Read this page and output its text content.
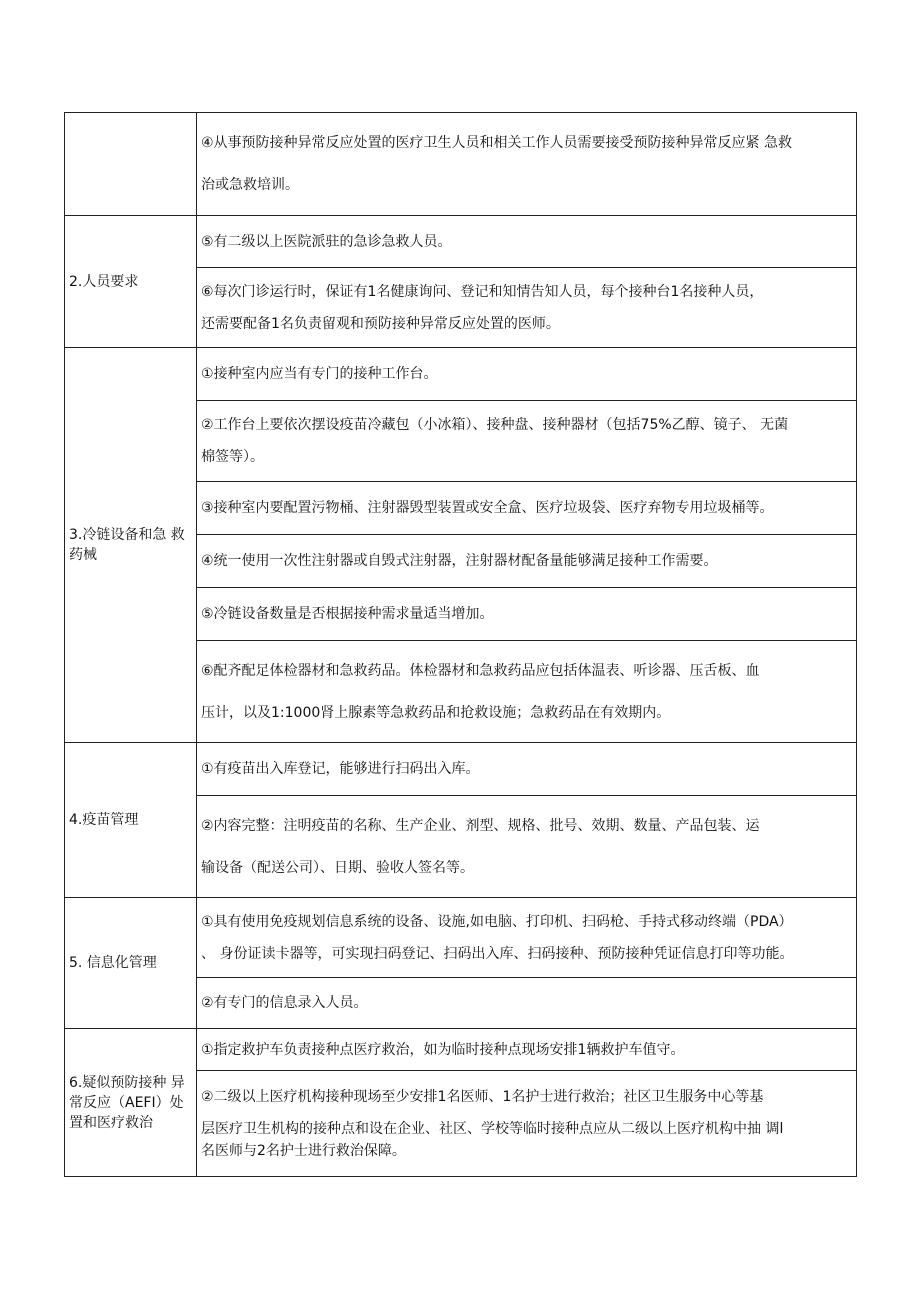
	④从事预防接种异常反应处置的医疗卫生人员和相关工作人员需要接受预防接种异常反应紧 急救

治或急救培训。

2.人员要求	⑤有二级以上医院派驻的急诊急救人员。

	⑥每次门诊运行时，保证有1名健康询问、登记和知情告知人员，每个接种台1名接种人员，

还需要配备1名负责留观和预防接种异常反应处置的医师。

3.冷链设备和急 救药械	①接种室内应当有专门的接种工作台。

	②工作台上要依次摆设疫苗冷藏包（小冰箱）、接种盘、接种器材（包括75%乙醇、镜子、 无菌

棉签等）。

	③接种室内要配置污物桶、注射器毁型装置或安全盒、医疗垃圾袋、医疗弃物专用垃圾桶等。

	④统一使用一次性注射器或自毁式注射器，注射器材配备量能够满足接种工作需要。

	⑤冷链设备数量是否根据接种需求量适当增加。

	⑥配齐配足体检器材和急救药品。体检器材和急救药品应包括体温表、听诊器、压舌板、血

压计，以及1:1000肾上腺素等急救药品和抢救设施；急救药品在有效期内。

4.疫苗管理	①有疫苗出入库登记，能够进行扫码出入库。

	②内容完整：注明疫苗的名称、生产企业、剂型、规格、批号、效期、数量、产品包装、运

输设备（配送公司）、日期、验收人签名等。

5. 信息化管理	①具有使用免疫规划信息系统的设备、设施,如电脑、打印机、扫码枪、手持式移动终端（PDA）

、 身份证读卡器等，可实现扫码登记、扫码出入库、扫码接种、预防接种凭证信息打印等功能。

	②有专门的信息录入人员。

6.疑似预防接种 异常反应（AEFI）处置和医疗救治	①指定救护车负责接种点医疗救治，如为临时接种点现场安排1辆救护车值守。

	②二级以上医疗机构接种现场至少安排1名医师、1名护士进行救治；社区卫生服务中心等基

层医疗卫生机构的接种点和设在企业、社区、学校等临时接种点应从二级以上医疗机构中抽 调l

名医师与2名护士进行救治保障。
